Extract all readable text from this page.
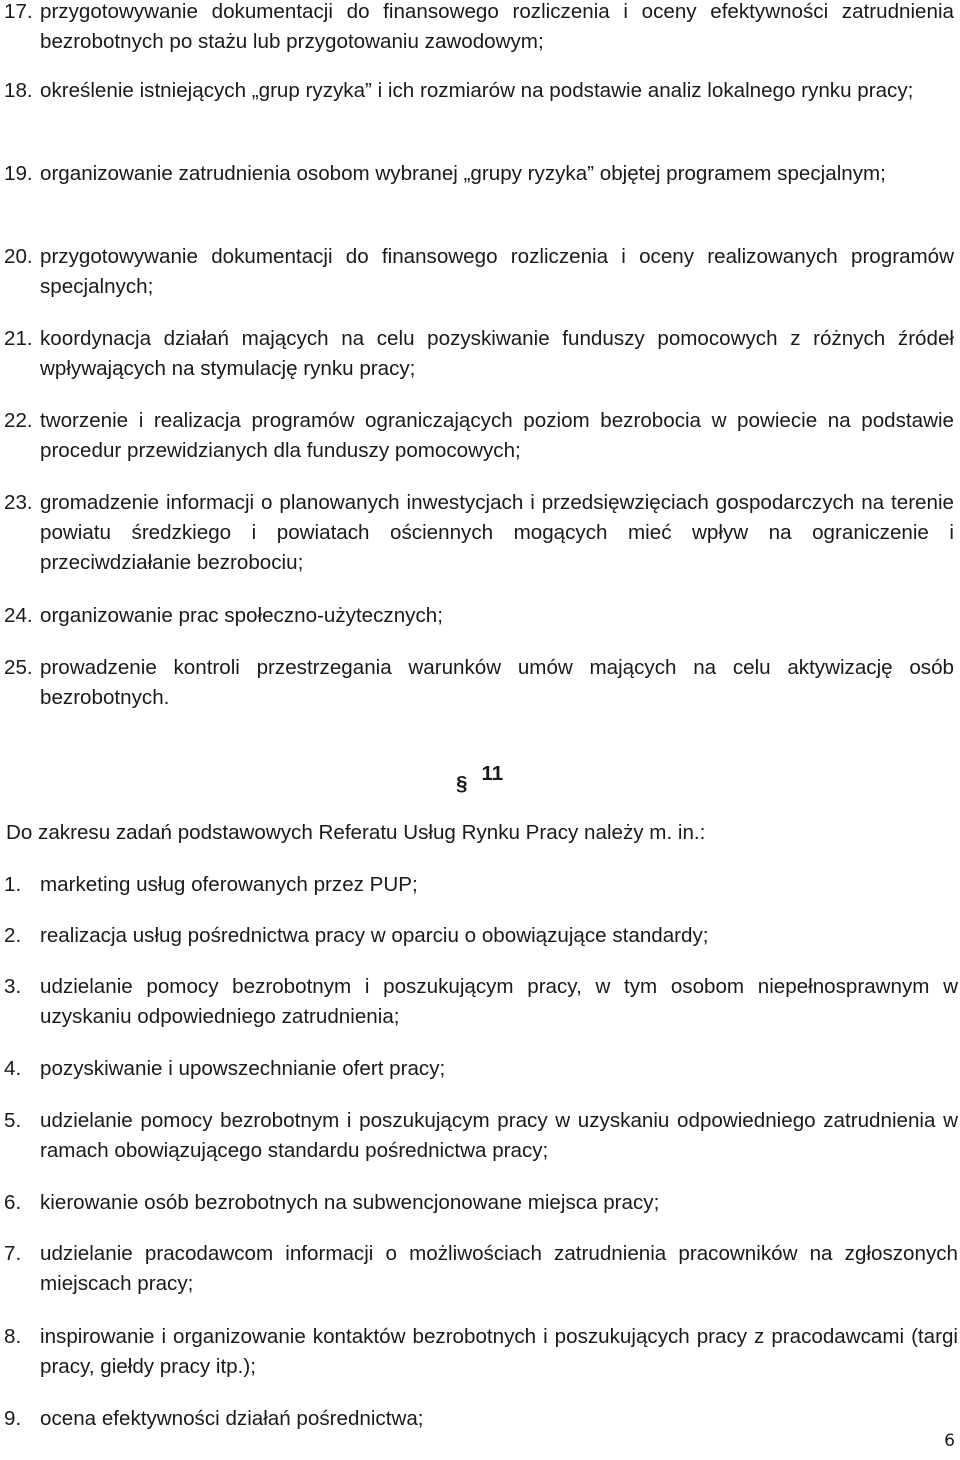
17. przygotowywanie dokumentacji do finansowego rozliczenia i oceny efektywności zatrudnienia bezrobotnych po stażu lub przygotowaniu zawodowym;
18. określenie istniejących „grup ryzyka” i ich rozmiarów na podstawie analiz lokalnego rynku pracy;
19. organizowanie zatrudnienia osobom wybranej „grupy ryzyka” objętej programem specjalnym;
20. przygotowywanie dokumentacji do finansowego rozliczenia i oceny realizowanych programów specjalnych;
21. koordynacja działań mających na celu pozyskiwanie funduszy pomocowych z różnych źródeł wpływających na stymulację rynku pracy;
22. tworzenie i realizacja programów ograniczających poziom bezrobocia w powiecie na podstawie procedur przewidzianych dla funduszy pomocowych;
23. gromadzenie informacji o planowanych inwestycjach i przedsięwzięciach gospodarczych na terenie powiatu średzkiego i powiatach ościennych mogących mieć wpływ na ograniczenie i przeciwdziałanie bezrobociu;
24. organizowanie prac społeczno-użytecznych;
25. prowadzenie kontroli przestrzegania warunków umów mających na celu aktywizację osób bezrobotnych.
§ 11
Do zakresu zadań podstawowych Referatu Usług Rynku Pracy należy m. in.:
1. marketing usług oferowanych przez PUP;
2. realizacja usług pośrednictwa pracy w oparciu o obowiązujące standardy;
3. udzielanie pomocy bezrobotnym i poszukującym pracy, w tym osobom niepełnosprawnym w uzyskaniu odpowiedniego zatrudnienia;
4. pozyskiwanie i upowszechnianie ofert pracy;
5. udzielanie pomocy bezrobotnym i poszukującym pracy w uzyskaniu odpowiedniego zatrudnienia w ramach obowiązującego standardu pośrednictwa pracy;
6. kierowanie osób bezrobotnych na subwencjonowane miejsca pracy;
7. udzielanie pracodawcom informacji o możliwościach zatrudnienia pracowników na zgłoszonych miejscach pracy;
8. inspirowanie i organizowanie kontaktów bezrobotnych i poszukujących pracy z pracodawcami (targi pracy, giełdy pracy itp.);
9. ocena efektywności działań pośrednictwa;
6
